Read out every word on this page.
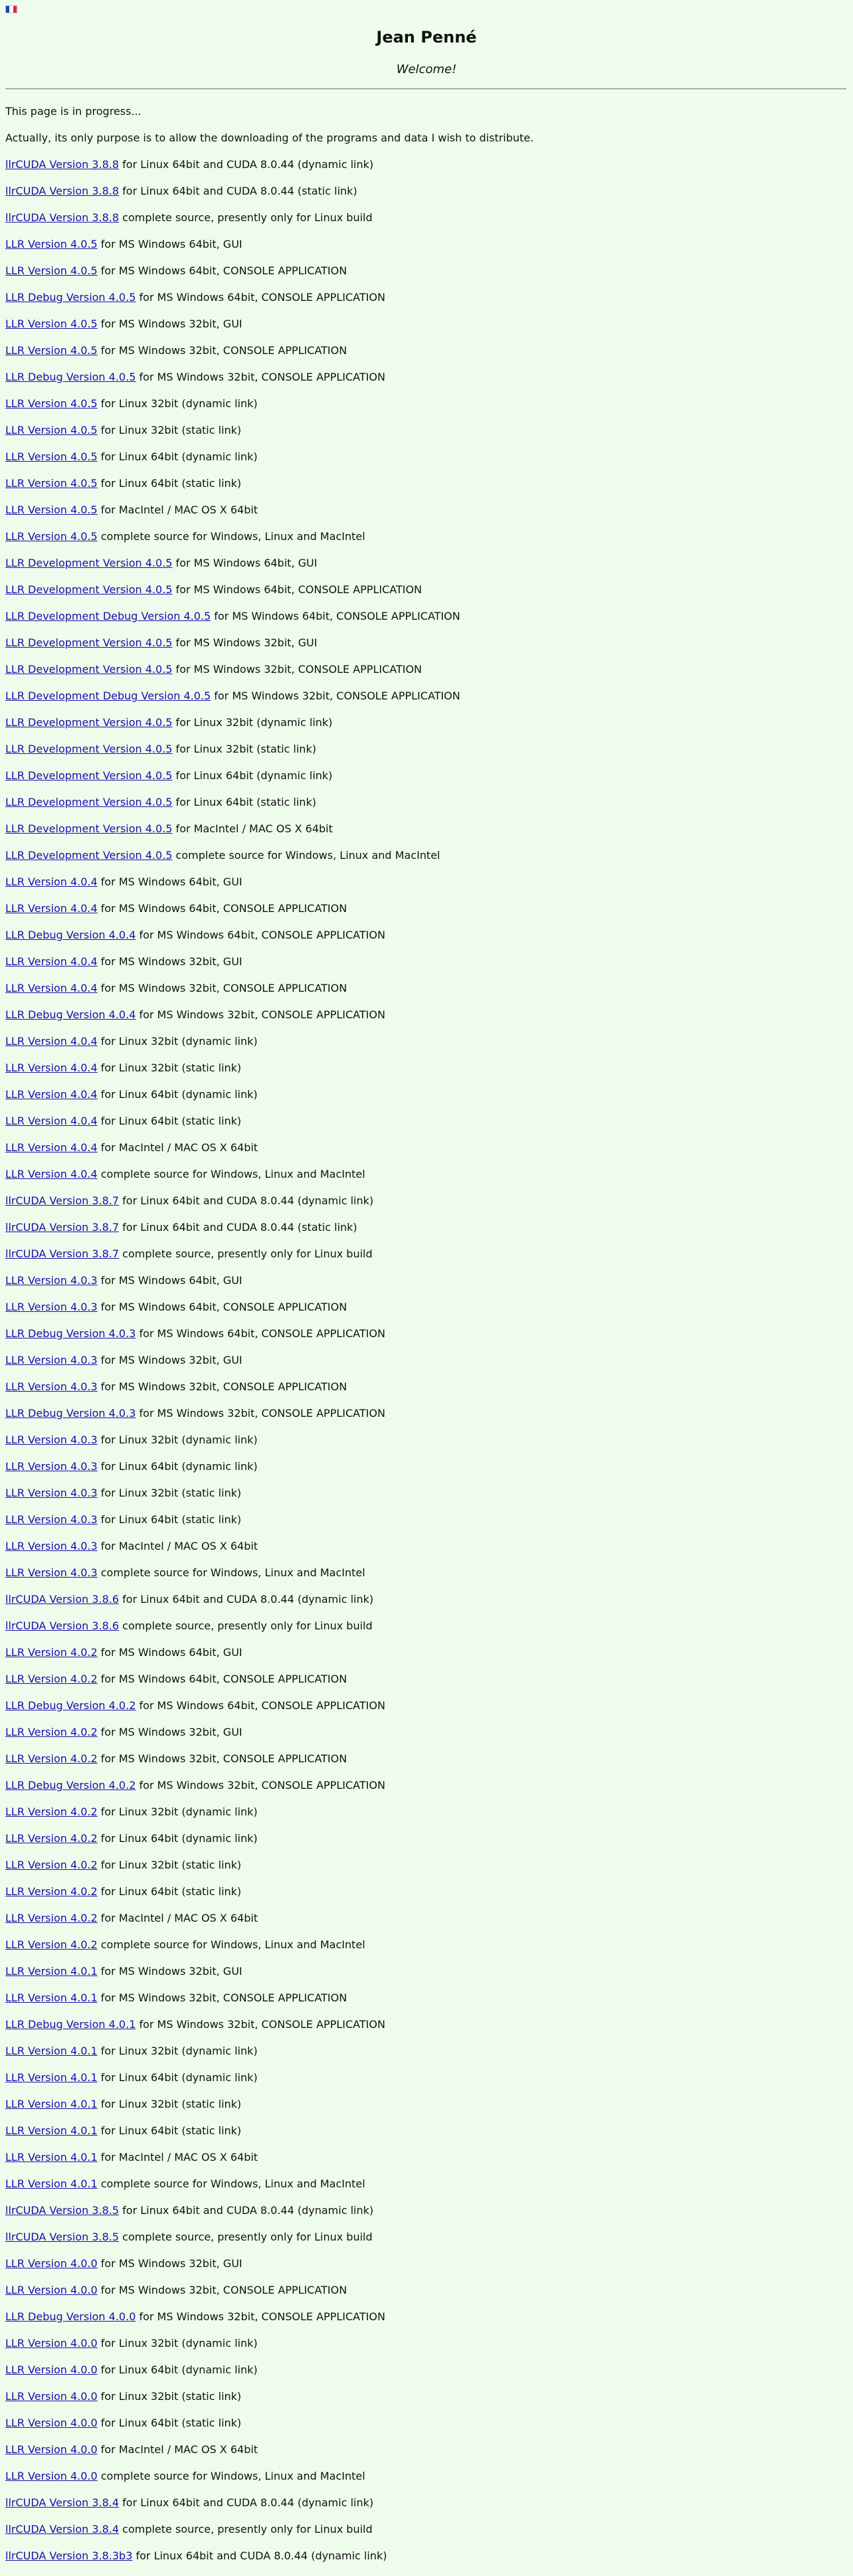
Jean Penné

Welcome!

This page is in progress...

Actually, its only purpose is to allow the downloading of the programs and data I wish to distribute.

llrCUDA Version 3.8.8 for Linux 64bit and CUDA 8.0.44 (dynamic link)
llrCUDA Version 3.8.8 for Linux 64bit and CUDA 8.0.44 (static link)
llrCUDA Version 3.8.8 complete source, presently only for Linux build
LLR Version 4.0.5 for MS Windows 64bit, GUI
LLR Version 4.0.5 for MS Windows 64bit, CONSOLE APPLICATION
LLR Debug Version 4.0.5 for MS Windows 64bit, CONSOLE APPLICATION
LLR Version 4.0.5 for MS Windows 32bit, GUI
LLR Version 4.0.5 for MS Windows 32bit, CONSOLE APPLICATION
LLR Debug Version 4.0.5 for MS Windows 32bit, CONSOLE APPLICATION
LLR Version 4.0.5 for Linux 32bit (dynamic link)
LLR Version 4.0.5 for Linux 32bit (static link)
LLR Version 4.0.5 for Linux 64bit (dynamic link)
LLR Version 4.0.5 for Linux 64bit (static link)
LLR Version 4.0.5 for MacIntel / MAC OS X 64bit
LLR Version 4.0.5 complete source for Windows, Linux and MacIntel
LLR Development Version 4.0.5 for MS Windows 64bit, GUI
LLR Development Version 4.0.5 for MS Windows 64bit, CONSOLE APPLICATION
LLR Development Debug Version 4.0.5 for MS Windows 64bit, CONSOLE APPLICATION
LLR Development Version 4.0.5 for MS Windows 32bit, GUI
LLR Development Version 4.0.5 for MS Windows 32bit, CONSOLE APPLICATION
LLR Development Debug Version 4.0.5 for MS Windows 32bit, CONSOLE APPLICATION
LLR Development Version 4.0.5 for Linux 32bit (dynamic link)
LLR Development Version 4.0.5 for Linux 32bit (static link)
LLR Development Version 4.0.5 for Linux 64bit (dynamic link)
LLR Development Version 4.0.5 for Linux 64bit (static link)
LLR Development Version 4.0.5 for MacIntel / MAC OS X 64bit
LLR Development Version 4.0.5 complete source for Windows, Linux and MacIntel
LLR Version 4.0.4 for MS Windows 64bit, GUI
LLR Version 4.0.4 for MS Windows 64bit, CONSOLE APPLICATION
LLR Debug Version 4.0.4 for MS Windows 64bit, CONSOLE APPLICATION
LLR Version 4.0.4 for MS Windows 32bit, GUI
LLR Version 4.0.4 for MS Windows 32bit, CONSOLE APPLICATION
LLR Debug Version 4.0.4 for MS Windows 32bit, CONSOLE APPLICATION
LLR Version 4.0.4 for Linux 32bit (dynamic link)
LLR Version 4.0.4 for Linux 32bit (static link)
LLR Version 4.0.4 for Linux 64bit (dynamic link)
LLR Version 4.0.4 for Linux 64bit (static link)
LLR Version 4.0.4 for MacIntel / MAC OS X 64bit
LLR Version 4.0.4 complete source for Windows, Linux and MacIntel
llrCUDA Version 3.8.7 for Linux 64bit and CUDA 8.0.44 (dynamic link)
llrCUDA Version 3.8.7 for Linux 64bit and CUDA 8.0.44 (static link)
llrCUDA Version 3.8.7 complete source, presently only for Linux build
LLR Version 4.0.3 for MS Windows 64bit, GUI
LLR Version 4.0.3 for MS Windows 64bit, CONSOLE APPLICATION
LLR Debug Version 4.0.3 for MS Windows 64bit, CONSOLE APPLICATION
LLR Version 4.0.3 for MS Windows 32bit, GUI
LLR Version 4.0.3 for MS Windows 32bit, CONSOLE APPLICATION
LLR Debug Version 4.0.3 for MS Windows 32bit, CONSOLE APPLICATION
LLR Version 4.0.3 for Linux 32bit (dynamic link)
LLR Version 4.0.3 for Linux 64bit (dynamic link)
LLR Version 4.0.3 for Linux 32bit (static link)
LLR Version 4.0.3 for Linux 64bit (static link)
LLR Version 4.0.3 for MacIntel / MAC OS X 64bit
LLR Version 4.0.3 complete source for Windows, Linux and MacIntel
llrCUDA Version 3.8.6 for Linux 64bit and CUDA 8.0.44 (dynamic link)
llrCUDA Version 3.8.6 complete source, presently only for Linux build
LLR Version 4.0.2 for MS Windows 64bit, GUI
LLR Version 4.0.2 for MS Windows 64bit, CONSOLE APPLICATION
LLR Debug Version 4.0.2 for MS Windows 64bit, CONSOLE APPLICATION
LLR Version 4.0.2 for MS Windows 32bit, GUI
LLR Version 4.0.2 for MS Windows 32bit, CONSOLE APPLICATION
LLR Debug Version 4.0.2 for MS Windows 32bit, CONSOLE APPLICATION
LLR Version 4.0.2 for Linux 32bit (dynamic link)
LLR Version 4.0.2 for Linux 64bit (dynamic link)
LLR Version 4.0.2 for Linux 32bit (static link)
LLR Version 4.0.2 for Linux 64bit (static link)
LLR Version 4.0.2 for MacIntel / MAC OS X 64bit
LLR Version 4.0.2 complete source for Windows, Linux and MacIntel
LLR Version 4.0.1 for MS Windows 32bit, GUI
LLR Version 4.0.1 for MS Windows 32bit, CONSOLE APPLICATION
LLR Debug Version 4.0.1 for MS Windows 32bit, CONSOLE APPLICATION
LLR Version 4.0.1 for Linux 32bit (dynamic link)
LLR Version 4.0.1 for Linux 64bit (dynamic link)
LLR Version 4.0.1 for Linux 32bit (static link)
LLR Version 4.0.1 for Linux 64bit (static link)
LLR Version 4.0.1 for MacIntel / MAC OS X 64bit
LLR Version 4.0.1 complete source for Windows, Linux and MacIntel
llrCUDA Version 3.8.5 for Linux 64bit and CUDA 8.0.44 (dynamic link)
llrCUDA Version 3.8.5 complete source, presently only for Linux build
LLR Version 4.0.0 for MS Windows 32bit, GUI
LLR Version 4.0.0 for MS Windows 32bit, CONSOLE APPLICATION
LLR Debug Version 4.0.0 for MS Windows 32bit, CONSOLE APPLICATION
LLR Version 4.0.0 for Linux 32bit (dynamic link)
LLR Version 4.0.0 for Linux 64bit (dynamic link)
LLR Version 4.0.0 for Linux 32bit (static link)
LLR Version 4.0.0 for Linux 64bit (static link)
LLR Version 4.0.0 for MacIntel / MAC OS X 64bit
LLR Version 4.0.0 complete source for Windows, Linux and MacIntel
llrCUDA Version 3.8.4 for Linux 64bit and CUDA 8.0.44 (dynamic link)
llrCUDA Version 3.8.4 complete source, presently only for Linux build
llrCUDA Version 3.8.3b3 for Linux 64bit and CUDA 8.0.44 (dynamic link)
